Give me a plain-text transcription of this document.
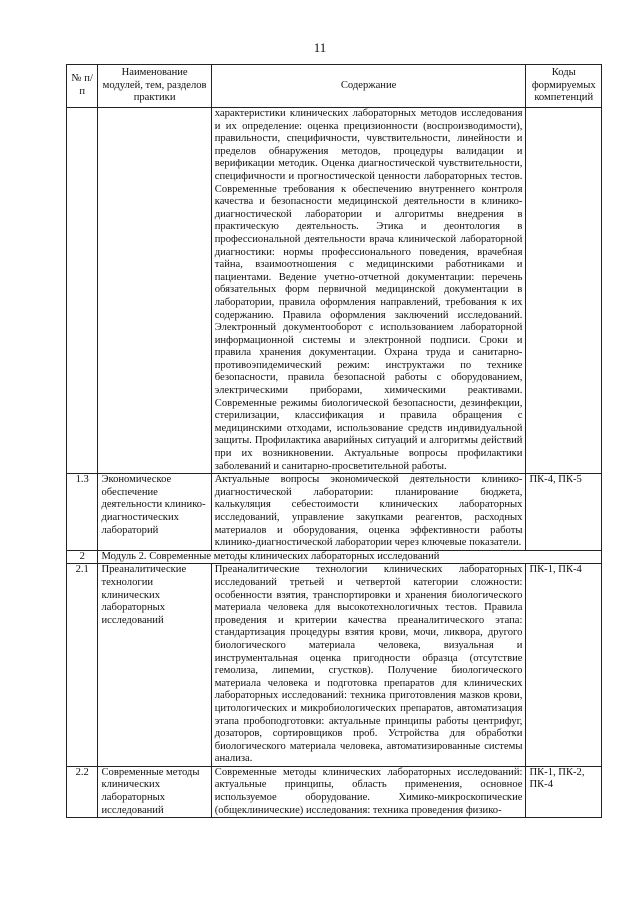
11
№ п/п	Наименование модулей, тем, разделов практики	Содержание	Коды формируемых компетенций

		характеристики клинических лабораторных методов исследования и их определение: оценка прецизионности (воспроизводимости), правильности, специфичности, чувствительности, линейности и пределов обнаружения методов, процедуры валидации и верификации методик. Оценка диагностической чувствительности, специфичности и прогностической ценности лабораторных тестов. Современные требования к обеспечению внутреннего контроля качества и безопасности медицинской деятельности в клинико-диагностической лаборатории и алгоритмы внедрения в практическую деятельность. Этика и деонтология в профессиональной деятельности врача клинической лабораторной диагностики: нормы профессионального поведения, врачебная тайна, взаимоотношения с медицинскими работниками и пациентами. Ведение учетно-отчетной документации: перечень обязательных форм первичной медицинской документации в лаборатории, правила оформления направлений, требования к их содержанию. Правила оформления заключений исследований. Электронный документооборот с использованием лабораторной информационной системы и электронной подписи. Сроки и правила хранения документации. Охрана труда и санитарно-противоэпидемический режим: инструктажи по технике безопасности, правила безопасной работы с оборудованием, электрическими приборами, химическими реактивами. Современные режимы биологической безопасности, дезинфекции, стерилизации, классификация и правила обращения с медицинскими отходами, использование средств индивидуальной защиты. Профилактика аварийных ситуаций и алгоритмы действий при их возникновении. Актуальные вопросы профилактики заболеваний и санитарно-просветительной работы.	

1.3	Экономическое обеспечение деятельности клинико-диагностических лабораторий	Актуальные вопросы экономической деятельности клинико-диагностической лаборатории: планирование бюджета, калькуляция себестоимости клинических лабораторных исследований, управление закупками реагентов, расходных материалов и оборудования, оценка эффективности работы клинико-диагностической лаборатории через ключевые показатели.	ПК-4, ПК-5
2	Модуль 2. Современные методы клинических лабораторных исследований		

2.1	Преаналитические технологии клинических лабораторных исследований	Преаналитические технологии клинических лабораторных исследований третьей и четвертой категории сложности: особенности взятия, транспортировки и хранения биологического материала человека для высокотехнологичных тестов. Правила проведения и критерии качества преаналитического этапа: стандартизация процедуры взятия крови, мочи, ликвора, другого биологического материала человека, визуальная и инструментальная оценка пригодности образца (отсутствие гемолиза, липемии, сгустков). Получение биологического материала человека и подготовка препаратов для клинических лабораторных исследований: техника приготовления мазков крови, цитологических и микробиологических препаратов, автоматизация этапа пробоподготовки: актуальные принципы работы центрифуг, дозаторов, сортировщиков проб. Устройства для обработки биологического материала человека, автоматизированные системы анализа.	ПК-1, ПК-4

2.2	Современные методы клинических лабораторных исследований	Современные методы клинических лабораторных исследований: актуальные принципы, область применения, основное используемое оборудование. Химико-микроскопические (общеклинические) исследования: техника проведения физико-	ПК-1, ПК-2, ПК-4
